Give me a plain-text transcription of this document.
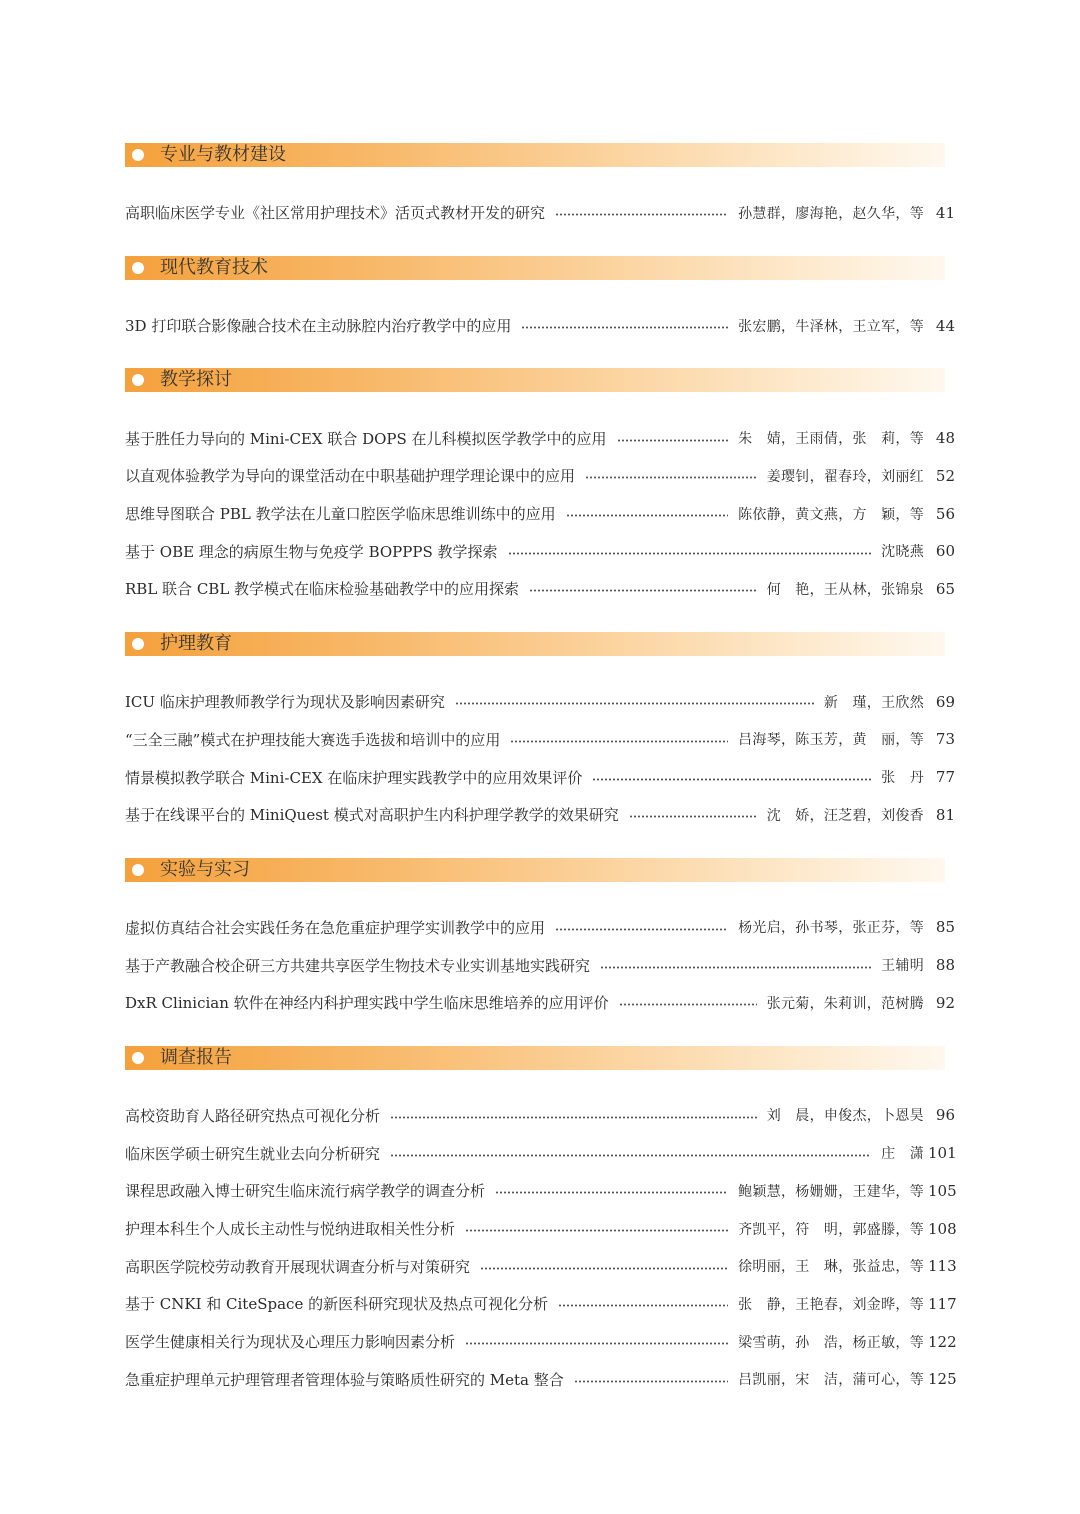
专业与教材建设
高职临床医学专业《社区常用护理技术》活页式教材开发的研究	孙慧群，廖海艳，赵久华，等 41
现代教育技术
3D 打印联合影像融合技术在主动脉腔内治疗教学中的应用	张宏鹏，牛泽林，王立军，等 44
教学探讨
基于胜任力导向的 Mini-CEX 联合 DOPS 在儿科模拟医学教学中的应用	朱　婧，王雨倩，张　莉，等 48
以直观体验教学为导向的课堂活动在中职基础护理学理论课中的应用	姜璎钊，翟春玲，刘丽红 52
思维导图联合 PBL 教学法在儿童口腔医学临床思维训练中的应用	陈依静，黄文燕，方　颖，等 56
基于 OBE 理念的病原生物与免疫学 BOPPPS 教学探索	沈晓燕 60
RBL 联合 CBL 教学模式在临床检验基础教学中的应用探索	何　艳，王从林，张锦泉 65
护理教育
ICU 临床护理教师教学行为现状及影响因素研究	新　瑾，王欣然 69
“三全三融”模式在护理技能大赛选手选拔和培训中的应用	吕海琴，陈玉芳，黄　丽，等 73
情景模拟教学联合 Mini-CEX 在临床护理实践教学中的应用效果评价	张　丹 77
基于在线课平台的 MiniQuest 模式对高职护生内科护理学教学的效果研究	沈　娇，汪芝碧，刘俊香 81
实验与实习
虚拟仿真结合社会实践任务在急危重症护理学实训教学中的应用	杨光启，孙书琴，张正芬，等 85
基于产教融合校企研三方共建共享医学生物技术专业实训基地实践研究	王辅明 88
DxR Clinician 软件在神经内科护理实践中学生临床思维培养的应用评价	张元菊，朱莉训，范树腾 92
调查报告
高校资助育人路径研究热点可视化分析	刘　晨，申俊杰，卜恩昊 96
临床医学硕士研究生就业去向分析研究	庄　潇 101
课程思政融入博士研究生临床流行病学教学的调查分析	鲍颖慧，杨姗姗，王建华，等 105
护理本科生个人成长主动性与悦纳进取相关性分析	齐凯平，符　明，郭盛滕，等 108
高职医学院校劳动教育开展现状调查分析与对策研究	徐明丽，王　琳，张益忠，等 113
基于 CNKI 和 CiteSpace 的新医科研究现状及热点可视化分析	张　静，王艳春，刘金晔，等 117
医学生健康相关行为现状及心理压力影响因素分析	梁雪萌，孙　浩，杨正敏，等 122
急重症护理单元护理管理者管理体验与策略质性研究的 Meta 整合	吕凯丽，宋　洁，蒲可心，等 125
